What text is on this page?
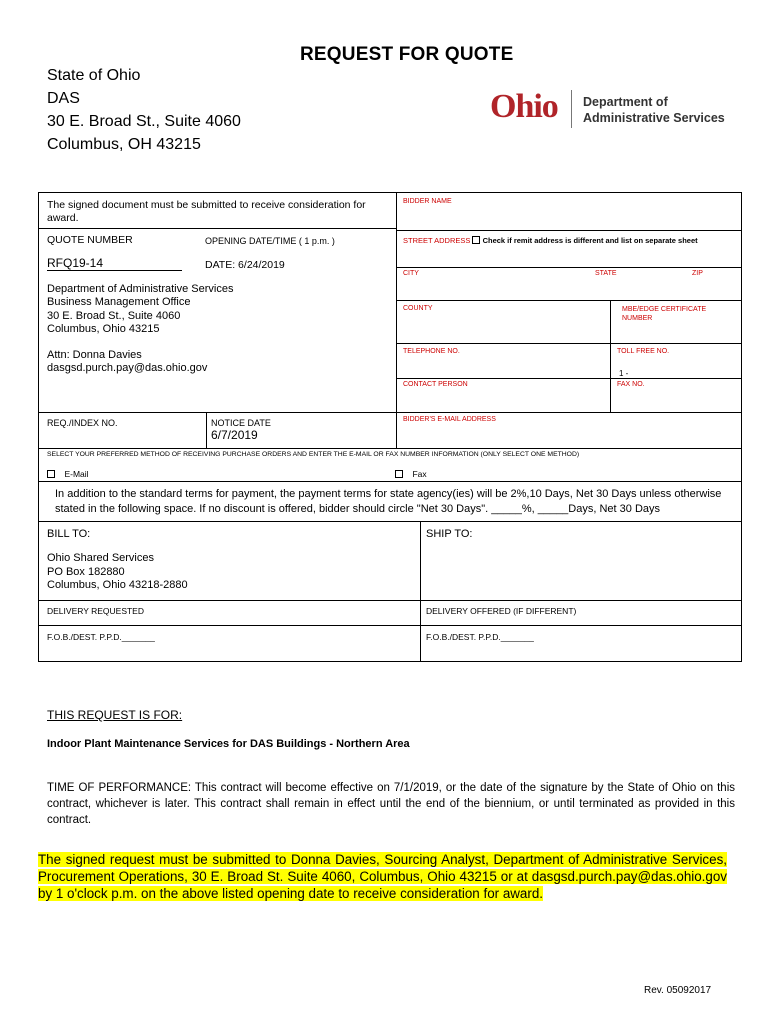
REQUEST FOR QUOTE
State of Ohio
DAS
30 E. Broad St., Suite 4060
Columbus, OH 43215
Ohio Department of
Administrative Services
The signed document must be submitted to receive consideration for award.
QUOTE NUMBER	OPENING DATE/TIME ( 1 p.m. )
RFQ19-14	DATE: 6/24/2019
Department of Administrative Services
Business Management Office
30 E. Broad St., Suite 4060
Columbus, Ohio 43215
Attn: Donna Davies
dasgsd.purch.pay@das.ohio.gov
REQ./INDEX NO.	NOTICE DATE
6/7/2019
BIDDER NAME
STREET ADDRESS Check if remit address is different and list on separate sheet
CITY	STATE	ZIP
COUNTY	MBE/EDGE CERTIFICATE NUMBER
TELEPHONE NO.	TOLL FREE NO.
1 -
CONTACT PERSON	FAX NO.
BIDDER'S E-MAIL ADDRESS
SELECT YOUR PREFERRED METHOD OF RECEIVING PURCHASE ORDERS AND ENTER THE E-MAIL OR FAX NUMBER INFORMATION (ONLY SELECT ONE METHOD)
E-Mail	Fax
In addition to the standard terms for payment, the payment terms for state agency(ies) will be 2%,10 Days, Net 30 Days unless otherwise stated in the following space. If no discount is offered, bidder should circle "Net 30 Days". _____%, _____Days, Net 30 Days
BILL TO:
Ohio Shared Services
PO Box 182880
Columbus, Ohio 43218-2880
SHIP TO:
DELIVERY REQUESTED	DELIVERY OFFERED (IF DIFFERENT)
F.O.B./DEST. P.P.D._______	F.O.B./DEST. P.P.D._______
THIS REQUEST IS FOR:
Indoor Plant Maintenance Services for DAS Buildings - Northern Area
TIME OF PERFORMANCE: This contract will become effective on 7/1/2019, or the date of the signature by the State of Ohio on this contract, whichever is later. This contract shall remain in effect until the end of the biennium, or until terminated as provided in this contract.
The signed request must be submitted to Donna Davies, Sourcing Analyst, Department of Administrative Services, Procurement Operations, 30 E. Broad St. Suite 4060, Columbus, Ohio 43215 or at dasgsd.purch.pay@das.ohio.gov by 1 o'clock p.m. on the above listed opening date to receive consideration for award.
Rev. 05092017
